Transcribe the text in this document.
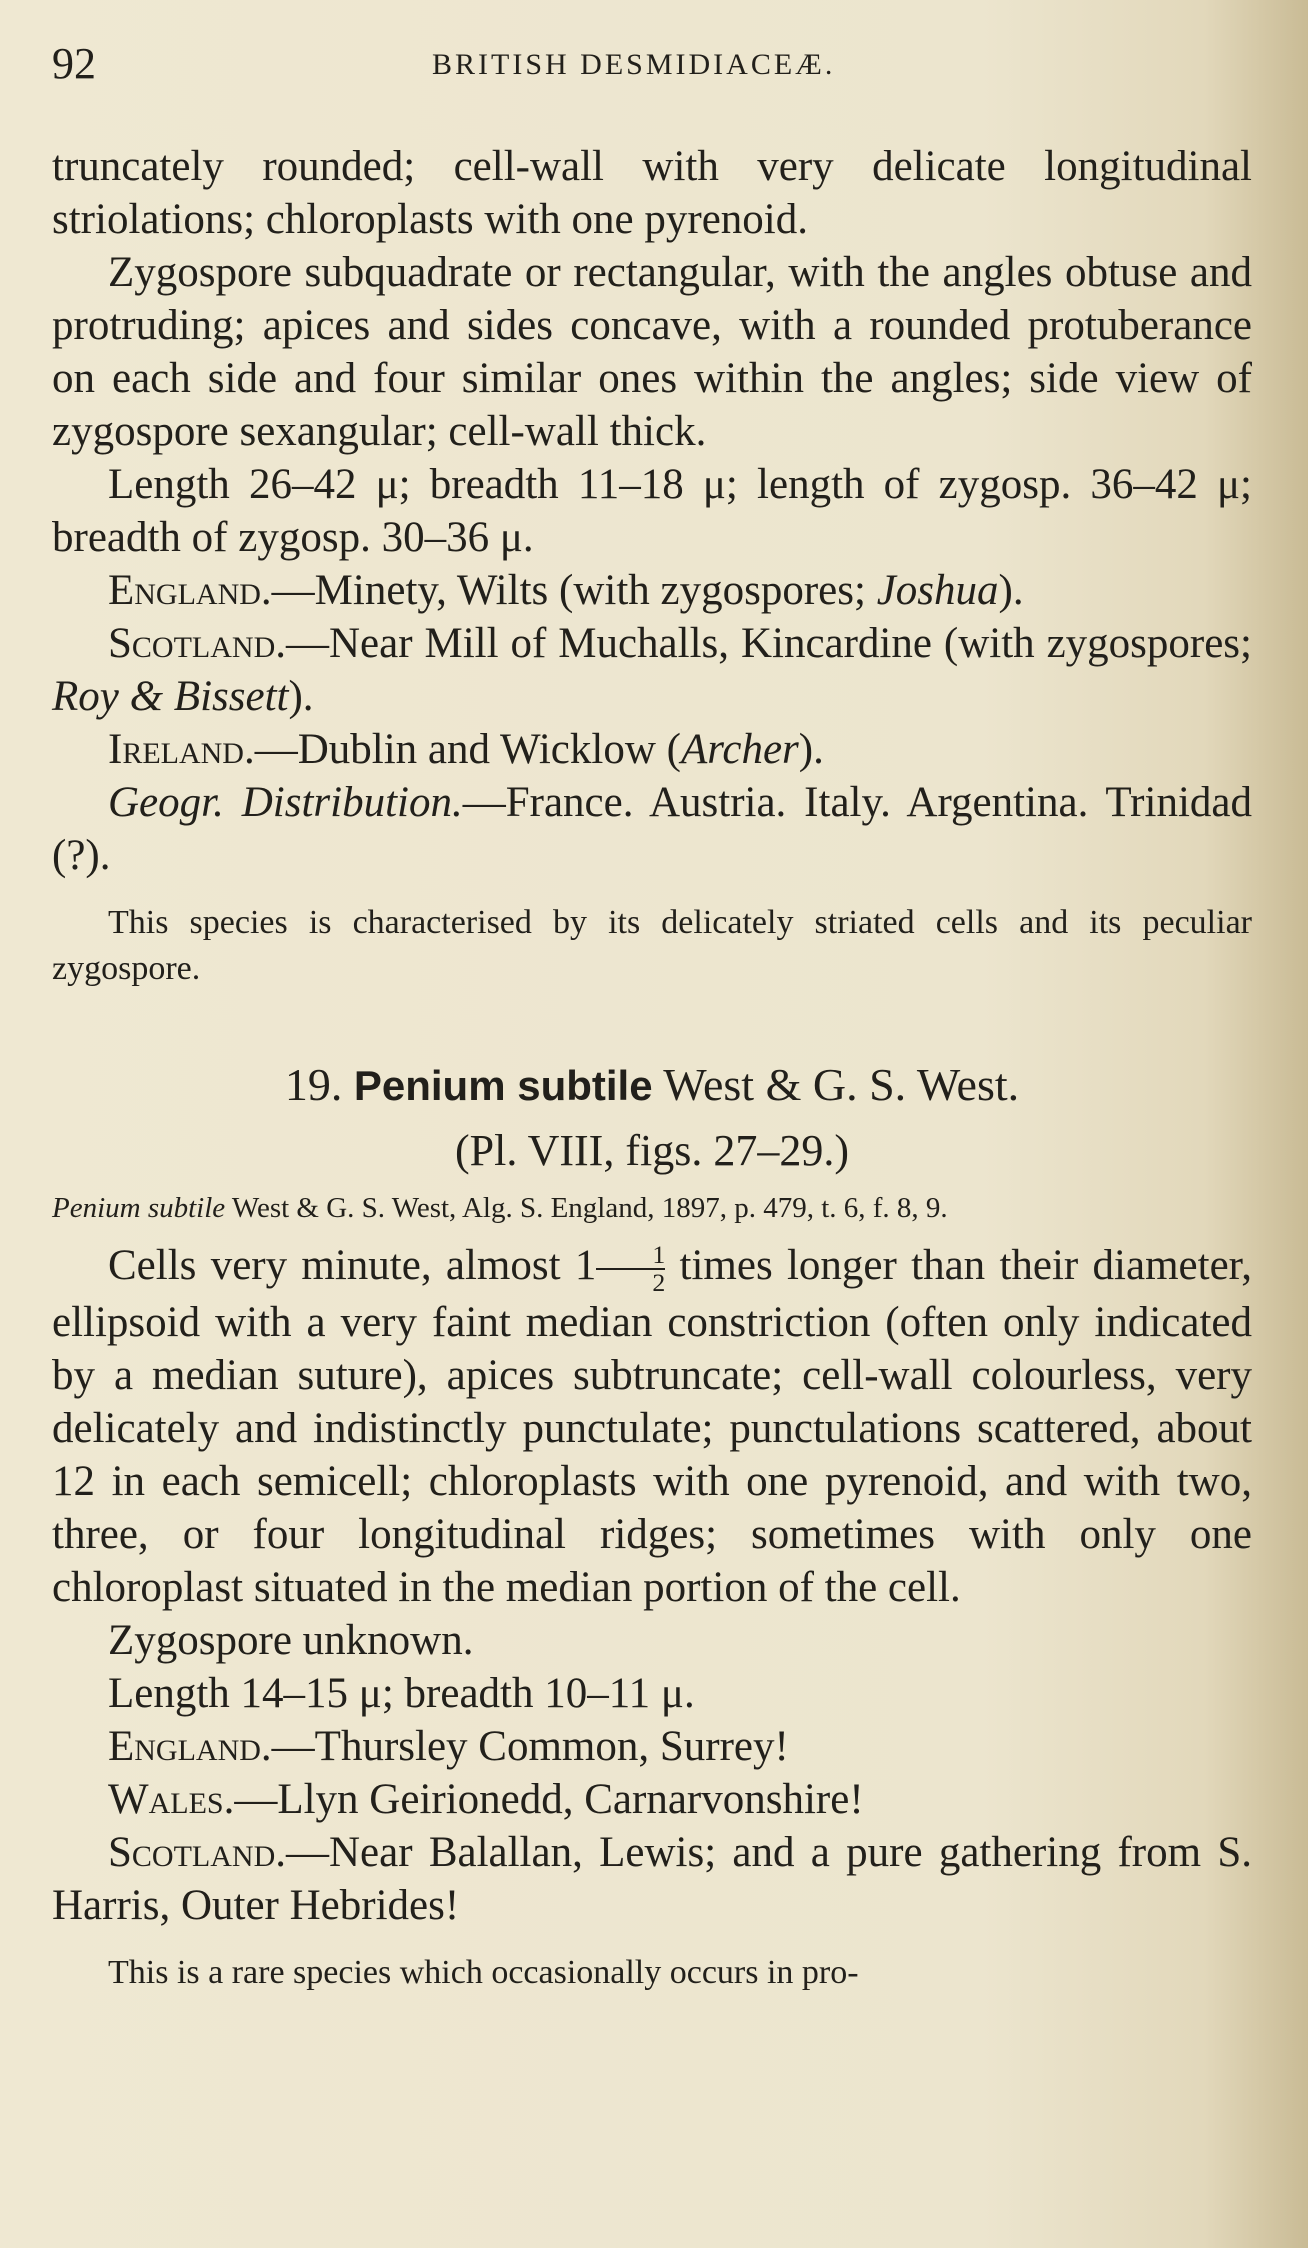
92	BRITISH DESMIDIACEÆ.

truncately rounded; cell-wall with very delicate longitudinal striolations; chloroplasts with one pyrenoid.

Zygospore subquadrate or rectangular, with the angles obtuse and protruding; apices and sides concave, with a rounded protuberance on each side and four similar ones within the angles; side view of zygospore sexangular; cell-wall thick.

Length 26–42 μ; breadth 11–18 μ; length of zygosp. 36–42 μ; breadth of zygosp. 30–36 μ.

England.—Minety, Wilts (with zygospores; Joshua).

Scotland.—Near Mill of Muchalls, Kincardine (with zygospores; Roy & Bissett).

Ireland.—Dublin and Wicklow (Archer).

Geogr. Distribution.—France. Austria. Italy. Argentina. Trinidad (?).

This species is characterised by its delicately striated cells and its peculiar zygospore.

19. Penium subtile West & G. S. West.

(Pl. VIII, figs. 27–29.)

Penium subtile West & G. S. West, Alg. S. England, 1897, p. 479, t. 6, f. 8, 9.

Cells very minute, almost $1 \frac{1}{2}$ times longer than their diameter, ellipsoid with a very faint median constriction (often only indicated by a median suture), apices subtruncate; cell-wall colourless, very delicately and indistinctly punctulate; punctulations scattered, about 12 in each semicell; chloroplasts with one pyrenoid, and with two, three, or four longitudinal ridges; sometimes with only one chloroplast situated in the median portion of the cell.

Zygospore unknown.

Length 14–15 μ; breadth 10–11 μ.

England.—Thursley Common, Surrey!

Wales.—Llyn Geirionedd, Carnarvonshire!

Scotland.—Near Balallan, Lewis; and a pure gathering from S. Harris, Outer Hebrides!

This is a rare species which occasionally occurs in pro-
